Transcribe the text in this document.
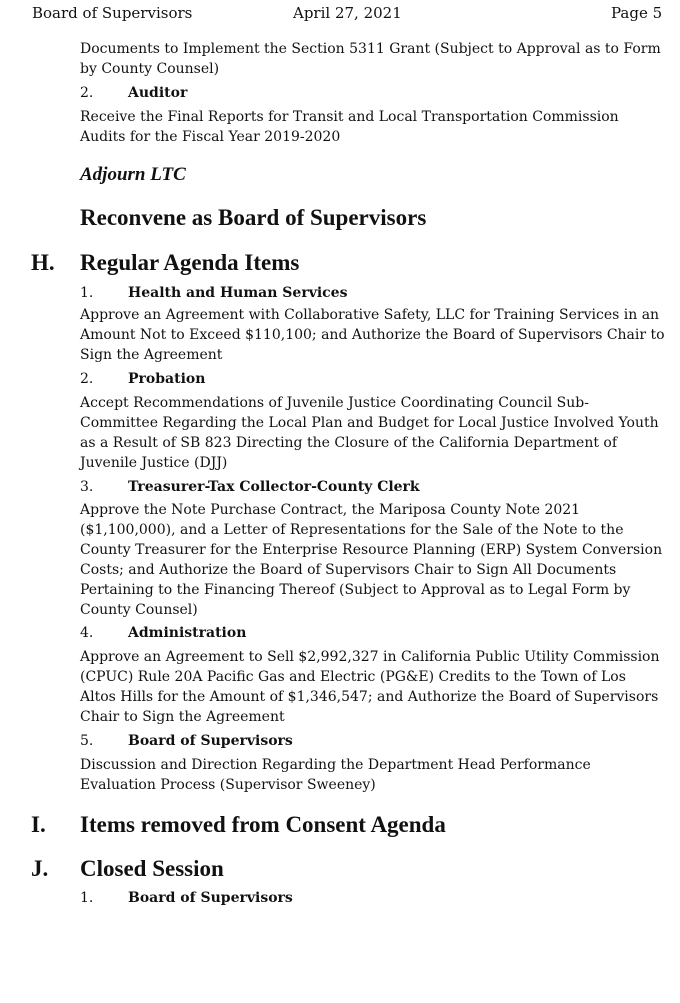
Board of Supervisors	April 27, 2021	Page 5
Documents to Implement the Section 5311 Grant (Subject to Approval as to Form by County Counsel)
2. Auditor
Receive the Final Reports for Transit and Local Transportation Commission Audits for the Fiscal Year 2019-2020
Adjourn LTC
Reconvene as Board of Supervisors
H. Regular Agenda Items
1. Health and Human Services
Approve an Agreement with Collaborative Safety, LLC for Training Services in an Amount Not to Exceed $110,100; and Authorize the Board of Supervisors Chair to Sign the Agreement
2. Probation
Accept Recommendations of Juvenile Justice Coordinating Council Sub-Committee Regarding the Local Plan and Budget for Local Justice Involved Youth as a Result of SB 823 Directing the Closure of the California Department of Juvenile Justice (DJJ)
3. Treasurer-Tax Collector-County Clerk
Approve the Note Purchase Contract, the Mariposa County Note 2021 ($1,100,000), and a Letter of Representations for the Sale of the Note to the County Treasurer for the Enterprise Resource Planning (ERP) System Conversion Costs; and Authorize the Board of Supervisors Chair to Sign All Documents Pertaining to the Financing Thereof (Subject to Approval as to Legal Form by County Counsel)
4. Administration
Approve an Agreement to Sell $2,992,327 in California Public Utility Commission (CPUC) Rule 20A Pacific Gas and Electric (PG&E) Credits to the Town of Los Altos Hills for the Amount of $1,346,547; and Authorize the Board of Supervisors Chair to Sign the Agreement
5. Board of Supervisors
Discussion and Direction Regarding the Department Head Performance Evaluation Process (Supervisor Sweeney)
I. Items removed from Consent Agenda
J. Closed Session
1. Board of Supervisors
